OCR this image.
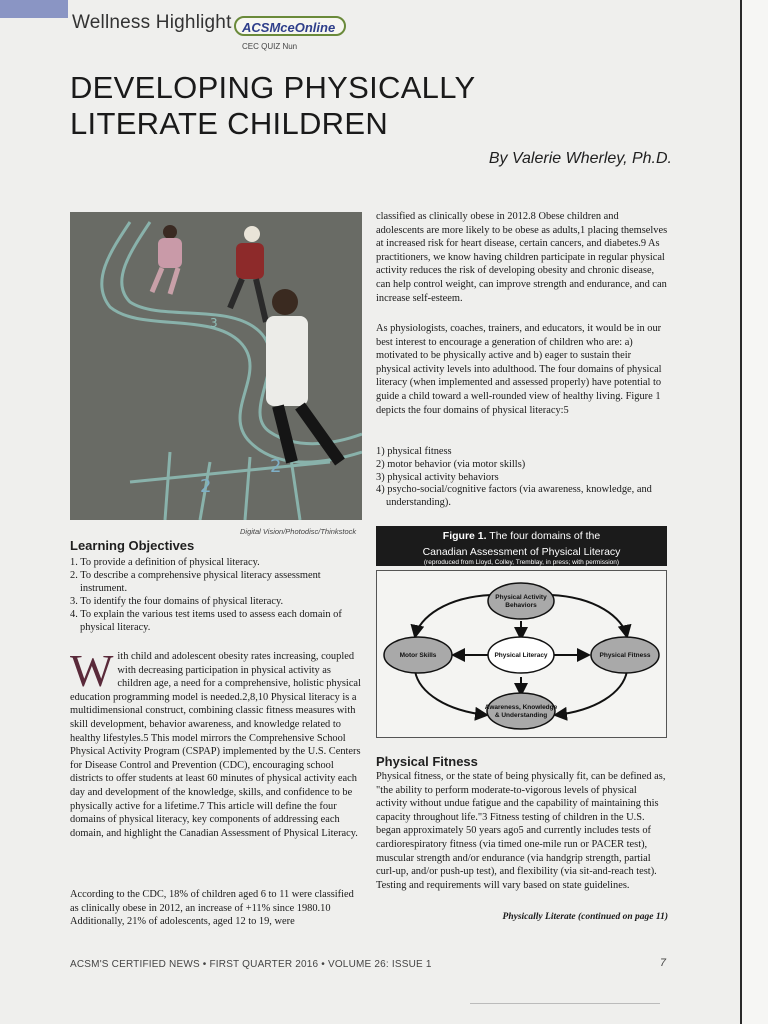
Wellness Highlight ACSMceOnline
CEC QUIZ Nun
DEVELOPING PHYSICALLY
LITERATE CHILDREN
By Valerie Wherley, Ph.D.
2
2
3
Digital Vision/Photodisc/Thinkstock
Learning Objectives
1. To provide a definition of physical literacy.
2. To describe a comprehensive physical literacy assessment instrument.
3. To identify the four domains of physical literacy.
4. To explain the various test items used to assess each domain of physical literacy.
With child and adolescent obesity rates increasing, coupled with decreasing participation in physical activity as children age, a need for a comprehensive, holistic physical education programming model is needed.2,8,10 Physical literacy is a multidimensional construct, combining classic fitness measures with skill development, behavior awareness, and knowledge related to healthy lifestyles.5 This model mirrors the Comprehensive School Physical Activity Program (CSPAP) implemented by the U.S. Centers for Disease Control and Prevention (CDC), encouraging school districts to offer students at least 60 minutes of physical activity each day and development of the knowledge, skills, and confidence to be physically active for a lifetime.7 This article will define the four domains of physical literacy, key components of addressing each domain, and highlight the Canadian Assessment of Physical Literacy.

According to the CDC, 18% of children aged 6 to 11 were classified as clinically obese in 2012, an increase of +11% since 1980.10 Additionally, 21% of adolescents, aged 12 to 19, were

classified as clinically obese in 2012.8 Obese children and adolescents are more likely to be obese as adults,1 placing themselves at increased risk for heart disease, certain cancers, and diabetes.9 As practitioners, we know having children participate in regular physical activity reduces the risk of developing obesity and chronic disease, can help control weight, can improve strength and endurance, and can increase self-esteem.

As physiologists, coaches, trainers, and educators, it would be in our best interest to encourage a generation of children who are: a) motivated to be physically active and b) eager to sustain their physical activity levels into adulthood. The four domains of physical literacy (when implemented and assessed properly) have potential to guide a child toward a well-rounded view of healthy living. Figure 1 depicts the four domains of physical literacy:5

1) physical fitness
2) motor behavior (via motor skills)
3) physical activity behaviors
4) psycho-social/cognitive factors (via awareness, knowledge, and understanding).
Figure 1. The four domains of the
Canadian Assessment of Physical Literacy
(reproduced from Lloyd, Colley, Tremblay, in press; with permission)
Physical Activity
Behaviors
Motor Skills	Physical Literacy	Physical Fitness
Awareness, Knowledge
& Understanding
Physical Fitness

Physical fitness, or the state of being physically fit, can be defined as, "the ability to perform moderate-to-vigorous levels of physical activity without undue fatigue and the capability of maintaining this capacity throughout life."3 Fitness testing of children in the U.S. began approximately 50 years ago5 and currently includes tests of cardiorespiratory fitness (via timed one-mile run or PACER test), muscular strength and/or endurance (via handgrip strength, partial curl-up, and/or push-up test), and flexibility (via sit-and-reach test). Testing and requirements will vary based on state guidelines.

Physically Literate (continued on page 11)
ACSM'S CERTIFIED NEWS • FIRST QUARTER 2016 • VOLUME 26: ISSUE 1	7
